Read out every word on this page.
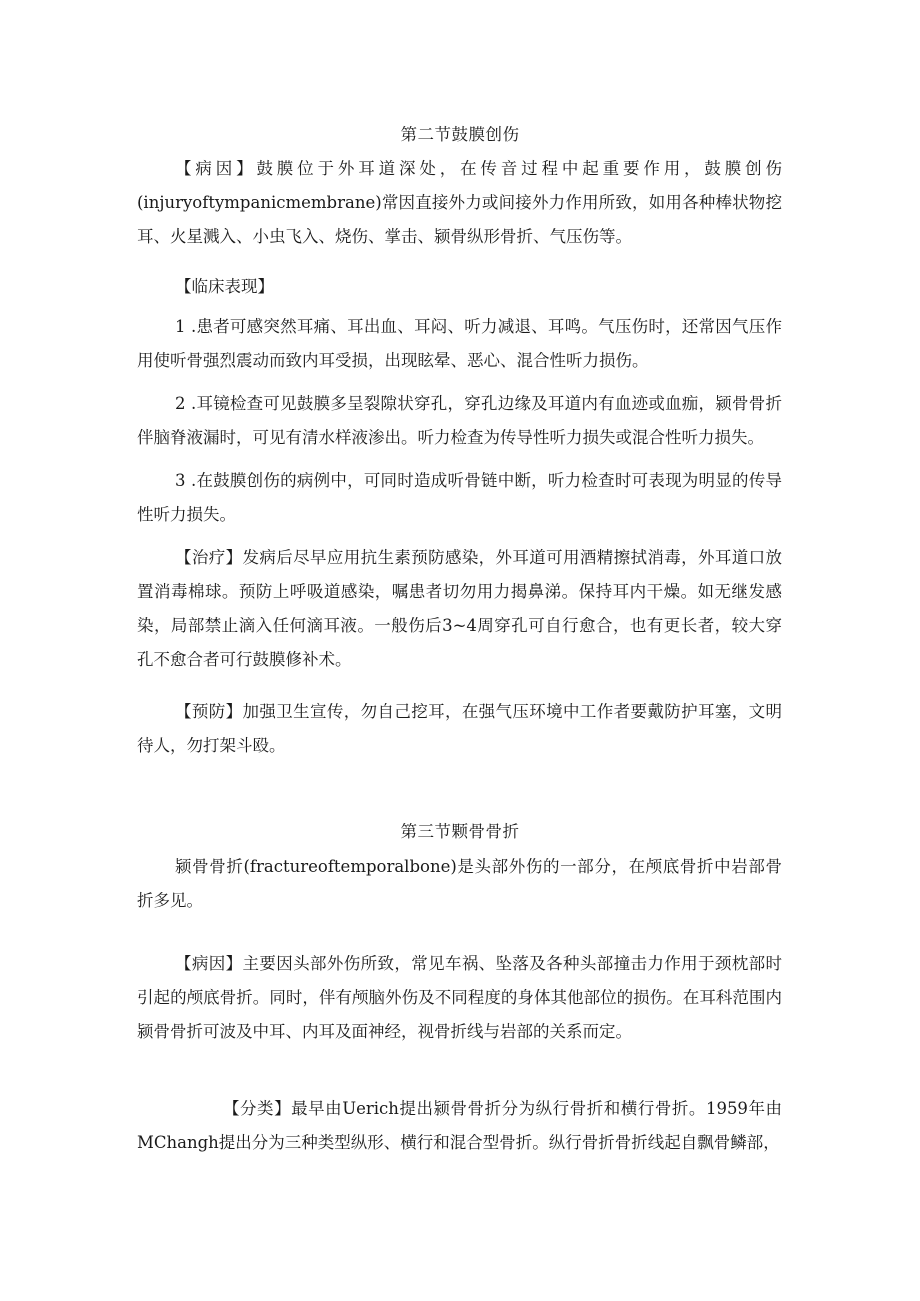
第二节鼓膜创伤

【病因】鼓膜位于外耳道深处，在传音过程中起重要作用，鼓膜创伤(injuryoftympanicmembrane)常因直接外力或间接外力作用所致，如用各种棒状物挖耳、火星溅入、小虫飞入、烧伤、掌击、颍骨纵形骨折、气压伤等。

【临床表现】

1 .患者可感突然耳痛、耳出血、耳闷、听力减退、耳鸣。气压伤时，还常因气压作用使听骨强烈震动而致内耳受损，出现眩晕、恶心、混合性听力损伤。

2 .耳镜检查可见鼓膜多呈裂隙状穿孔，穿孔边缘及耳道内有血迹或血痂，颍骨骨折伴脑脊液漏时，可见有清水样液渗出。听力检查为传导性听力损失或混合性听力损失。

3 .在鼓膜创伤的病例中，可同时造成听骨链中断，听力检查时可表现为明显的传导性听力损失。

【治疗】发病后尽早应用抗生素预防感染，外耳道可用酒精擦拭消毒，外耳道口放置消毒棉球。预防上呼吸道感染，嘱患者切勿用力揭鼻涕。保持耳内干燥。如无继发感染，局部禁止滴入任何滴耳液。一般伤后3~4周穿孔可自行愈合，也有更长者，较大穿孔不愈合者可行鼓膜修补术。

【预防】加强卫生宣传，勿自己挖耳，在强气压环境中工作者要戴防护耳塞，文明待人，勿打架斗殴。

第三节颗骨骨折

颍骨骨折(fractureoftemporalbone)是头部外伤的一部分，在颅底骨折中岩部骨折多见。

【病因】主要因头部外伤所致，常见车祸、坠落及各种头部撞击力作用于颈枕部时引起的颅底骨折。同时，伴有颅脑外伤及不同程度的身体其他部位的损伤。在耳科范围内颍骨骨折可波及中耳、内耳及面神经，视骨折线与岩部的关系而定。

【分类】最早由Uerich提出颍骨骨折分为纵行骨折和横行骨折。1959年由MChangh提出分为三种类型纵形、横行和混合型骨折。纵行骨折骨折线起自飘骨鳞部，
